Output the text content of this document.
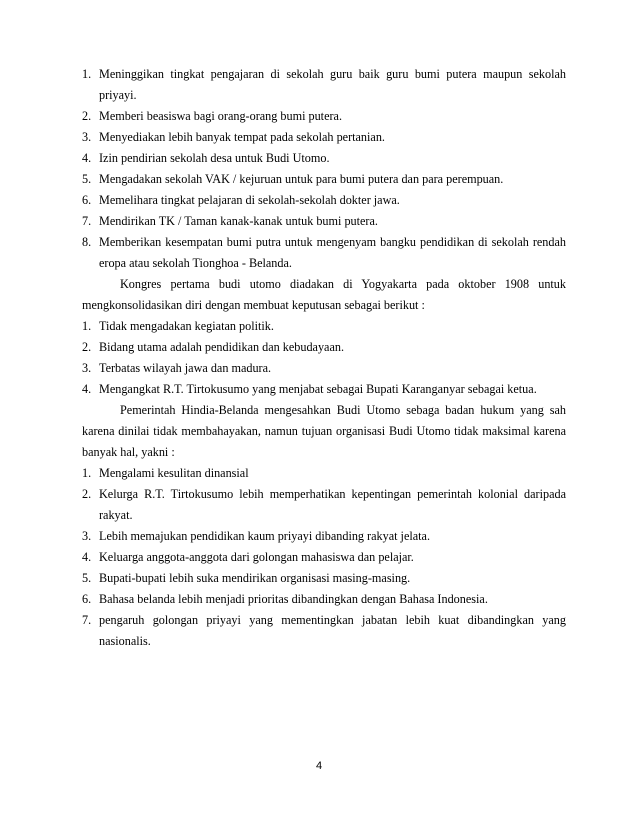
1. Meninggikan tingkat pengajaran di sekolah guru baik guru bumi putera maupun sekolah priyayi.
2. Memberi beasiswa bagi orang-orang bumi putera.
3. Menyediakan lebih banyak tempat pada sekolah pertanian.
4. Izin pendirian sekolah desa untuk Budi Utomo.
5. Mengadakan sekolah VAK / kejuruan untuk para bumi putera dan para perempuan.
6. Memelihara tingkat pelajaran di sekolah-sekolah dokter jawa.
7. Mendirikan TK / Taman kanak-kanak untuk bumi putera.
8. Memberikan kesempatan bumi putra untuk mengenyam bangku pendidikan di sekolah rendah eropa atau sekolah Tionghoa - Belanda.

Kongres pertama budi utomo diadakan di Yogyakarta pada oktober 1908 untuk mengkonsolidasikan diri dengan membuat keputusan sebagai berikut :

1. Tidak mengadakan kegiatan politik.
2. Bidang utama adalah pendidikan dan kebudayaan.
3. Terbatas wilayah jawa dan madura.
4. Mengangkat R.T. Tirtokusumo yang menjabat sebagai Bupati Karanganyar sebagai ketua.

Pemerintah Hindia-Belanda mengesahkan Budi Utomo sebaga badan hukum yang sah karena dinilai tidak membahayakan, namun tujuan organisasi Budi Utomo tidak maksimal karena banyak hal, yakni :

1. Mengalami kesulitan dinansial
2. Kelurga R.T. Tirtokusumo lebih memperhatikan kepentingan pemerintah kolonial daripada rakyat.
3. Lebih memajukan pendidikan kaum priyayi dibanding rakyat jelata.
4. Keluarga anggota-anggota dari golongan mahasiswa dan pelajar.
5. Bupati-bupati lebih suka mendirikan organisasi masing-masing.
6. Bahasa belanda lebih menjadi prioritas dibandingkan dengan Bahasa Indonesia.
7. pengaruh golongan priyayi yang mementingkan jabatan lebih kuat dibandingkan yang nasionalis.
4
